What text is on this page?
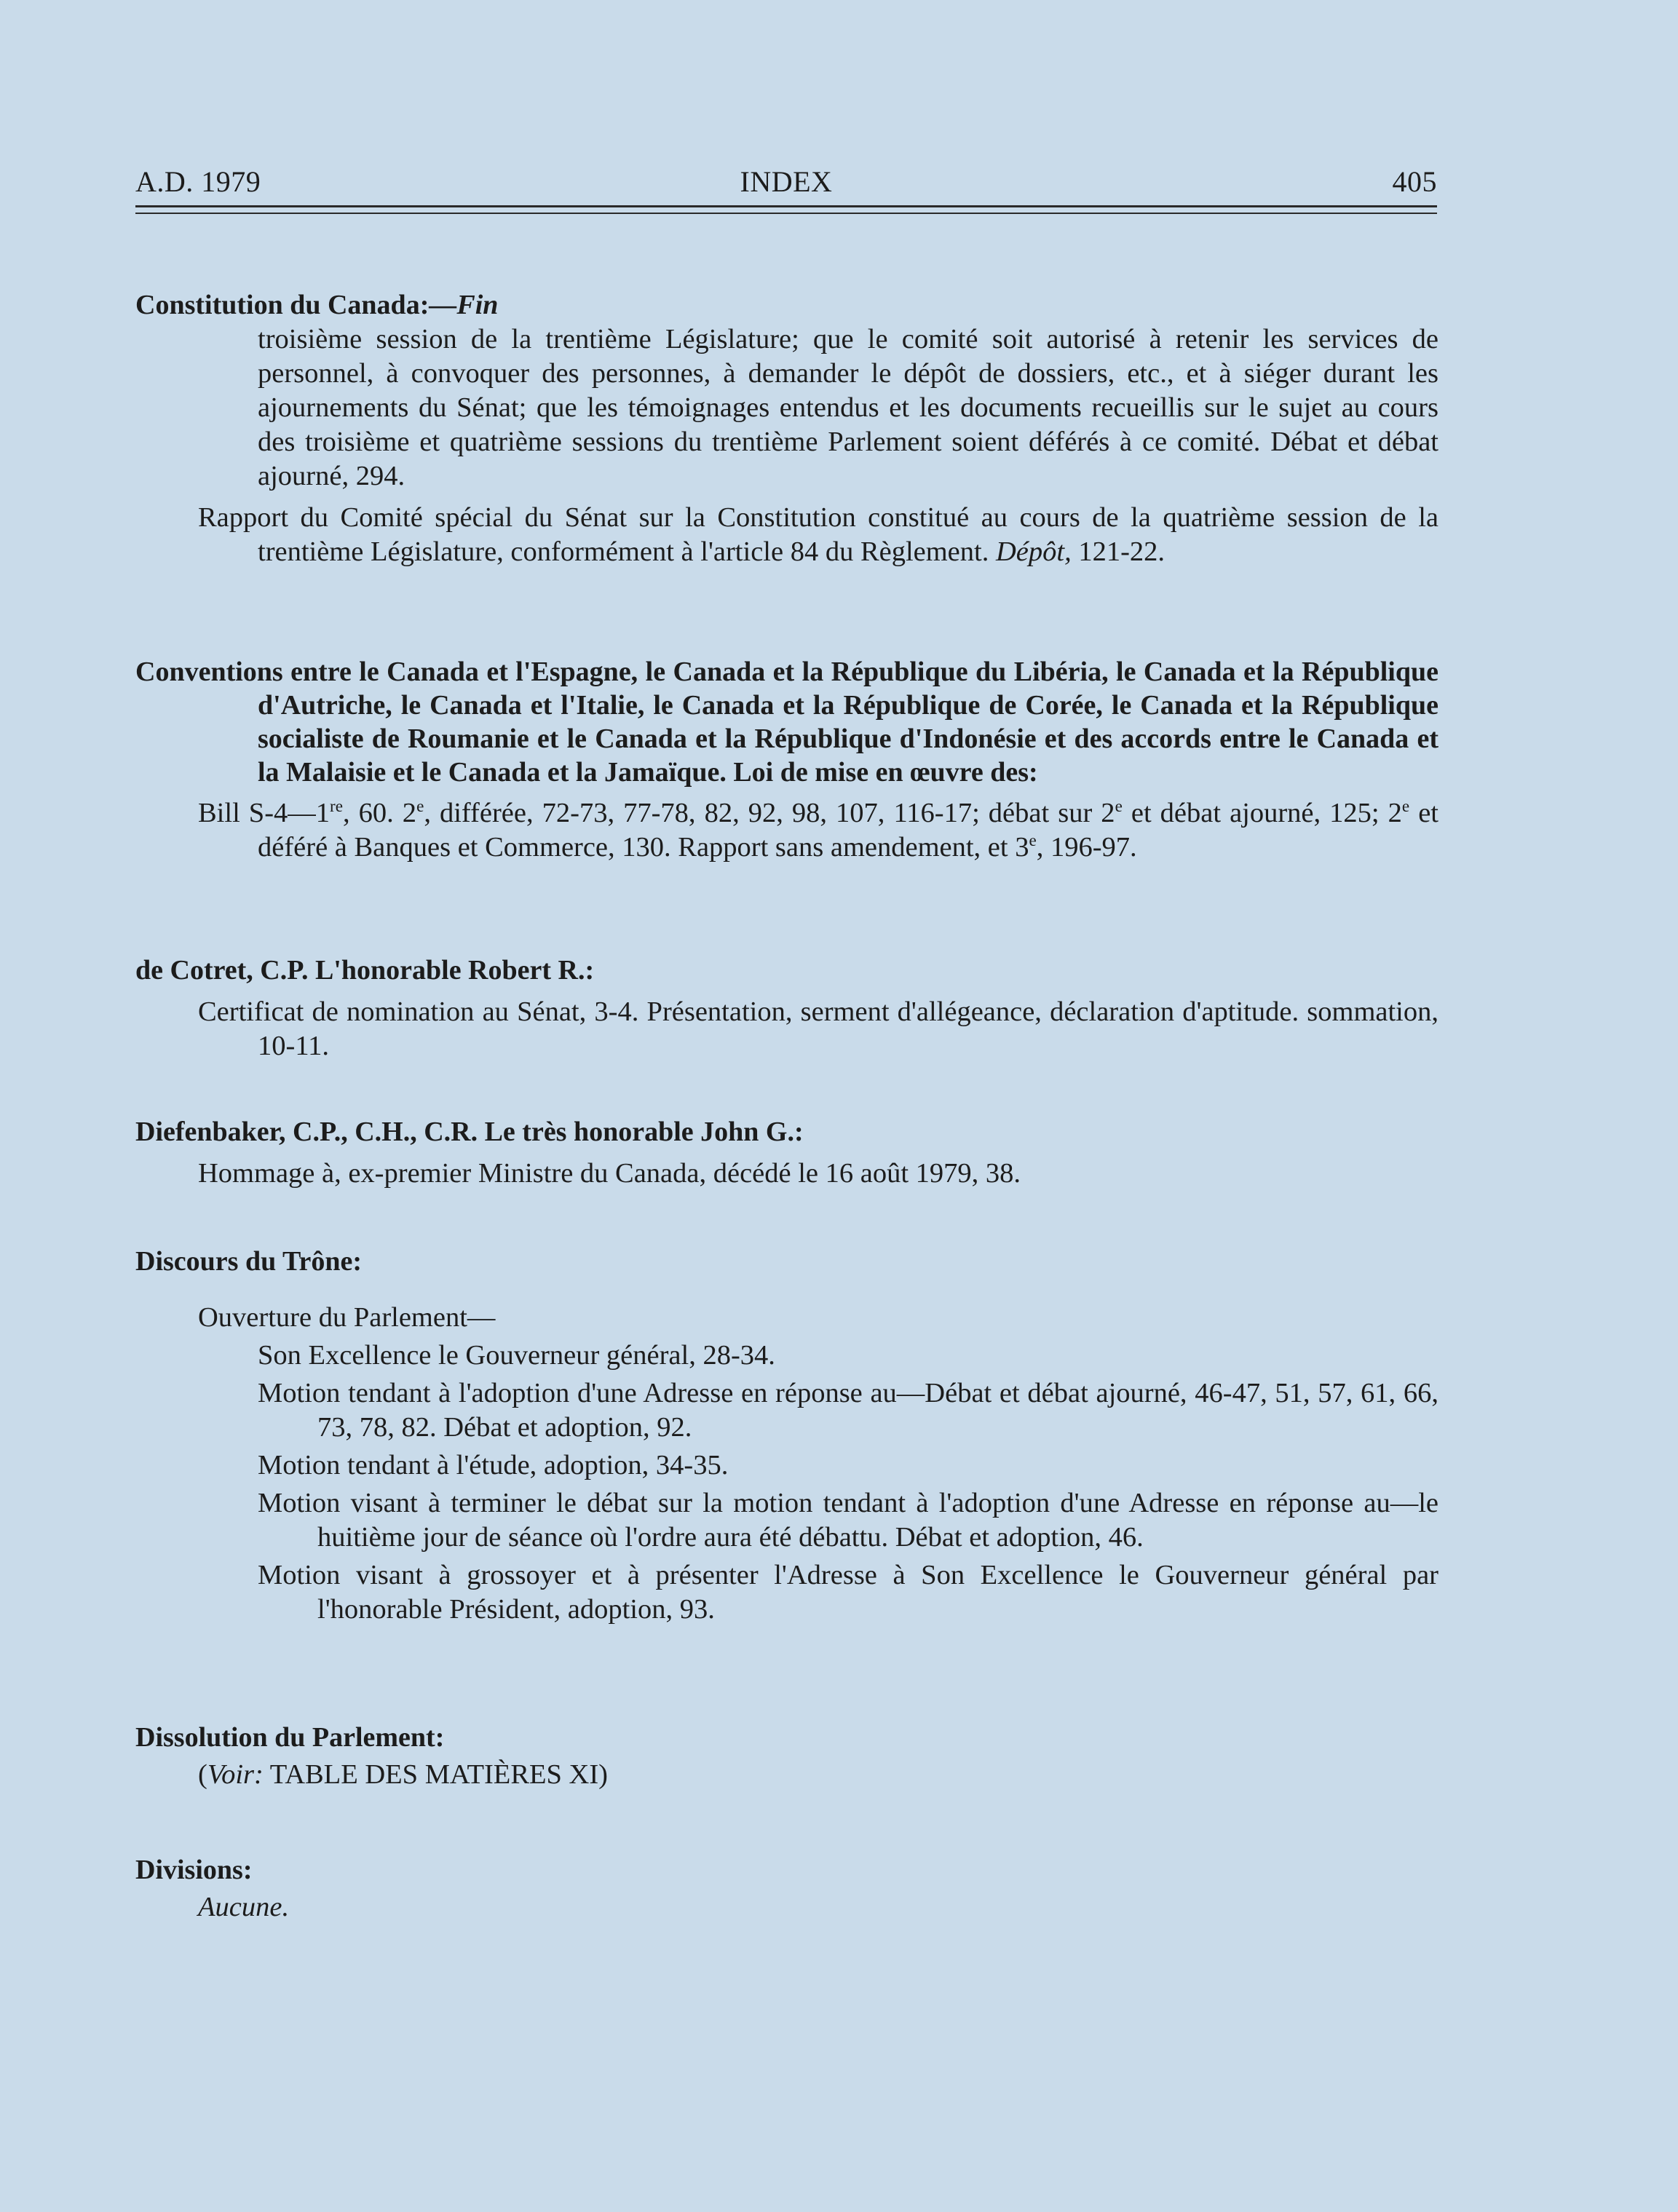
A.D. 1979	INDEX	405
Constitution du Canada:—Fin

troisième session de la trentième Législature; que le comité soit autorisé à retenir les services de personnel, à convoquer des personnes, à demander le dépôt de dossiers, etc., et à siéger durant les ajournements du Sénat; que les témoignages entendus et les documents recueillis sur le sujet au cours des troisième et quatrième sessions du trentième Parlement soient déférés à ce comité. Débat et débat ajourné, 294.

Rapport du Comité spécial du Sénat sur la Constitution constitué au cours de la quatrième session de la trentième Législature, conformément à l'article 84 du Règlement. Dépôt, 121-22.

Conventions entre le Canada et l'Espagne, le Canada et la République du Libéria, le Canada et la République d'Autriche, le Canada et l'Italie, le Canada et la République de Corée, le Canada et la République socialiste de Roumanie et le Canada et la République d'Indonésie et des accords entre le Canada et la Malaisie et le Canada et la Jamaïque. Loi de mise en œuvre des:

Bill S-4—1re, 60. 2e, différée, 72-73, 77-78, 82, 92, 98, 107, 116-17; débat sur 2e et débat ajourné, 125; 2e et déféré à Banques et Commerce, 130. Rapport sans amendement, et 3e, 196-97.

de Cotret, C.P. L'honorable Robert R.:

Certificat de nomination au Sénat, 3-4. Présentation, serment d'allégeance, déclaration d'aptitude. sommation, 10-11.

Diefenbaker, C.P., C.H., C.R. Le très honorable John G.:

Hommage à, ex-premier Ministre du Canada, décédé le 16 août 1979, 38.

Discours du Trône:

Ouverture du Parlement—

Son Excellence le Gouverneur général, 28-34.

Motion tendant à l'adoption d'une Adresse en réponse au—Débat et débat ajourné, 46-47, 51, 57, 61, 66, 73, 78, 82. Débat et adoption, 92.

Motion tendant à l'étude, adoption, 34-35.

Motion visant à terminer le débat sur la motion tendant à l'adoption d'une Adresse en réponse au—le huitième jour de séance où l'ordre aura été débattu. Débat et adoption, 46.

Motion visant à grossoyer et à présenter l'Adresse à Son Excellence le Gouverneur général par l'honorable Président, adoption, 93.

Dissolution du Parlement:

(Voir: TABLE DES MATIÈRES XI)

Divisions:

Aucune.
